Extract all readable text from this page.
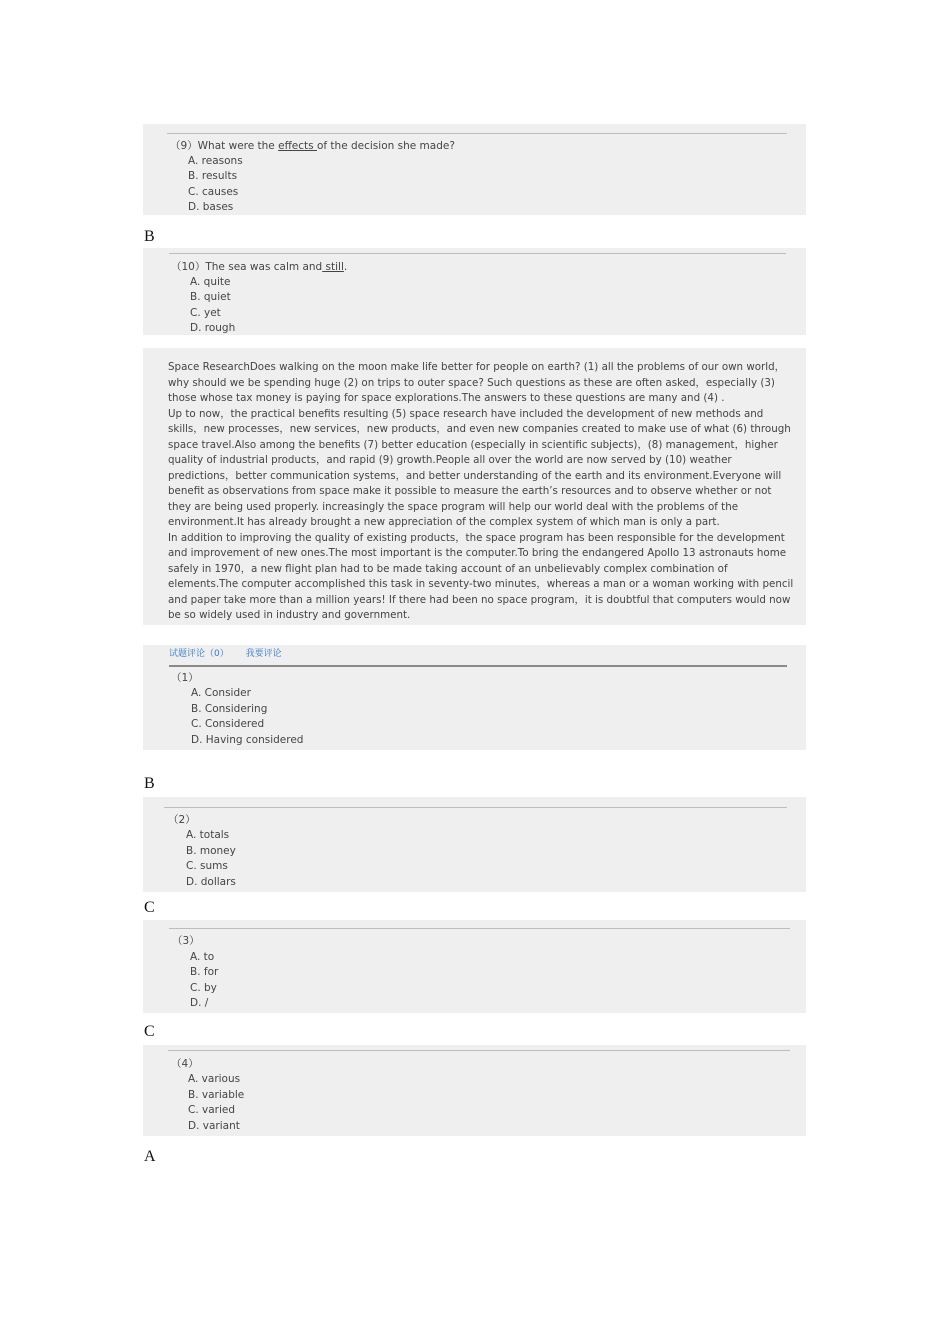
（9）What were the effects of the decision she made?
A. reasons
B. results
C. causes
D. bases
B
（10）The sea was calm and still.
A. quite
B. quiet
C. yet
D. rough

Space ResearchDoes walking on the moon make life better for people on earth? (1) all the problems of our own world，why should we be spending huge (2) on trips to outer space? Such questions as these are often asked，especially (3) those whose tax money is paying for space explorations.The answers to these questions are many and (4) .

Up to now，the practical benefits resulting (5) space research have included the development of new methods and skills，new processes，new services，new products，and even new companies created to make use of what (6) through space travel.Also among the benefits (7) better education (especially in scientific subjects)，(8) management，higher quality of industrial products，and rapid (9) growth.People all over the world are now served by (10) weather predictions，better communication systems，and better understanding of the earth and its environment.Everyone will benefit as observations from space make it possible to measure the earth’s resources and to observe whether or not they are being used properly. increasingly the space program will help our world deal with the problems of the environment.It has already brought a new appreciation of the complex system of which man is only a part.

In addition to improving the quality of existing products，the space program has been responsible for the development and improvement of new ones.The most important is the computer.To bring the endangered Apollo 13 astronauts home safely in 1970，a new flight plan had to be made taking account of an unbelievably complex combination of elements.The computer accomplished this task in seventy-two minutes，whereas a man or a woman working with pencil and paper take more than a million years! If there had been no space program，it is doubtful that computers would now be so widely used in industry and government.

试题评论（0） 我要评论
（1）
A. Consider
B. Considering
C. Considered
D. Having considered
B
（2）
A. totals
B. money
C. sums
D. dollars
C
（3）
A. to
B. for
C. by
D. /
C
（4）
A. various
B. variable
C. varied
D. variant
A
